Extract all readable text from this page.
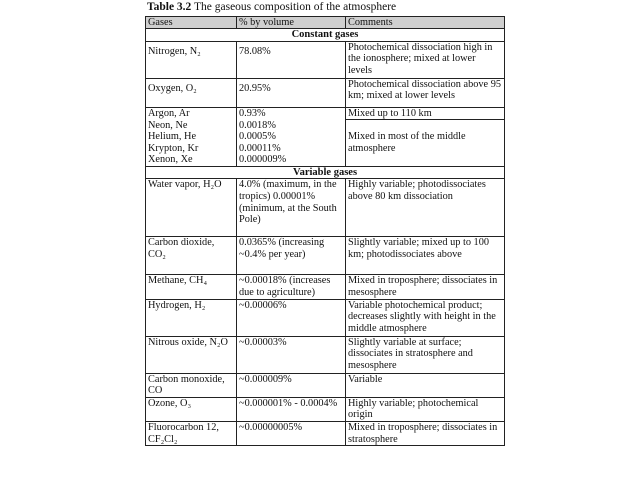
Table 3.2 The gaseous composition of the atmosphere
Gases	% by volume	Comments
Constant gases		
Nitrogen, N₂	78.08%	Photochemical dissociation high in the ionosphere; mixed at lower levels
Oxygen, O₂	20.95%	Photochemical dissociation above 95 km; mixed at lower levels
Argon, Ar	0.93%	Mixed up to 110 km
Neon, Ne	0.0018%	
Helium, He	0.0005%	Mixed in most of the middle atmosphere
Krypton, Kr	0.00011%	
Xenon, Xe	0.000009%	
Variable gases		
Water vapor, H₂O	4.0% (maximum, in the tropics) 0.00001%(minimum, at the South Pole)	Highly variable; photodissociates above 80 km dissociation
Carbon dioxide, CO₂	0.0365% (increasing ~0.4% per year)	Slightly variable; mixed up to 100 km; photodissociates above
Methane, CH₄	~0.00018% (increases due to agriculture)	Mixed in troposphere; dissociates in mesosphere
Hydrogen, H₂	~0.00006%	Variable photochemical product; decreases slightly with height in the middle atmosphere
Nitrous oxide, N₂O	~0.00003%	Slightly variable at surface; dissociates in stratosphere and mesosphere
Carbon monoxide, CO	~0.000009%	Variable
Ozone, O₃	~0.000001% - 0.0004%	Highly variable; photochemical origin
Fluorocarbon 12, CF₂Cl₂	~0.00000005%	Mixed in troposphere; dissociates in stratosphere
